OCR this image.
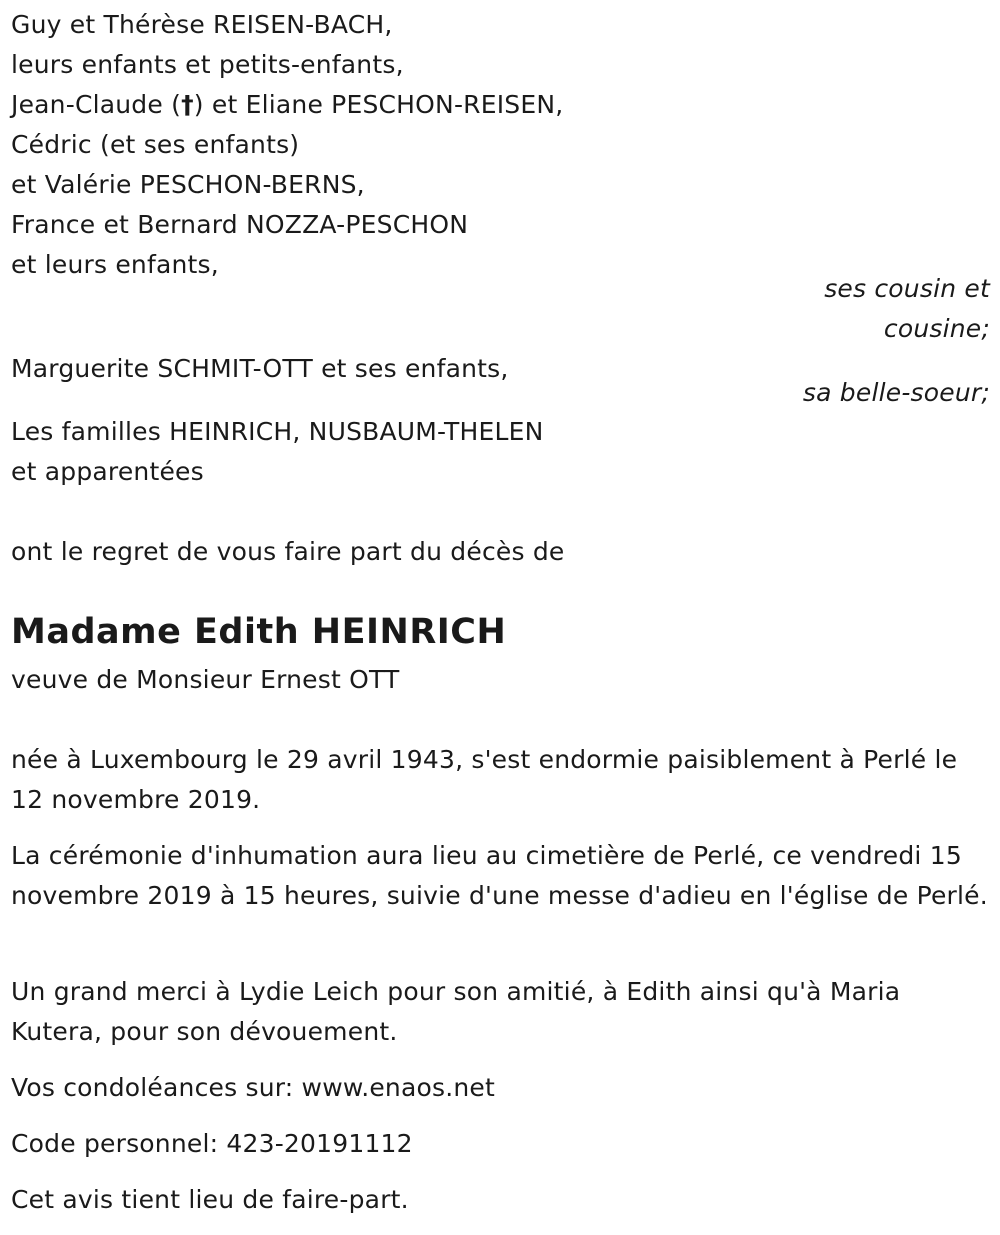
Guy et Thérèse REISEN-BACH,
leurs enfants et petits-enfants,
Jean-Claude (†) et Eliane PESCHON-REISEN,
Cédric (et ses enfants)
et Valérie PESCHON-BERNS,
France et Bernard NOZZA-PESCHON
et leurs enfants,
ses cousin et
cousine;
Marguerite SCHMIT-OTT et ses enfants,
sa belle-soeur;
Les familles HEINRICH, NUSBAUM-THELEN
et apparentées
ont le regret de vous faire part du décès de
Madame Edith HEINRICH
veuve de Monsieur Ernest OTT
née à Luxembourg le 29 avril 1943, s'est endormie paisiblement à Perlé le 12 novembre 2019.
La cérémonie d'inhumation aura lieu au cimetière de Perlé, ce vendredi 15 novembre 2019 à 15 heures, suivie d'une messe d'adieu en l'église de Perlé.
Un grand merci à Lydie Leich pour son amitié, à Edith ainsi qu'à Maria Kutera, pour son dévouement.
Vos condoléances sur: www.enaos.net
Code personnel: 423-20191112
Cet avis tient lieu de faire-part.
